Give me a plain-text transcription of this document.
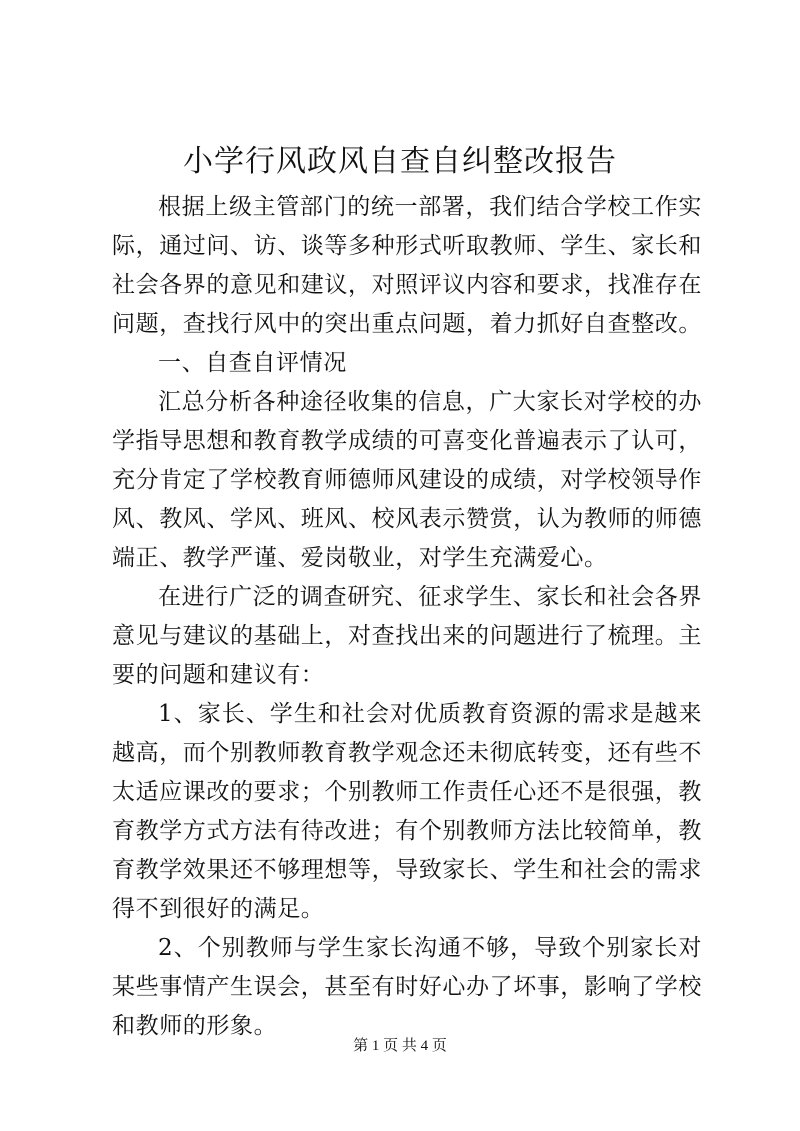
小学行风政风自查自纠整改报告

根据上级主管部门的统一部署，我们结合学校工作实际，通过问、访、谈等多种形式听取教师、学生、家长和社会各界的意见和建议，对照评议内容和要求，找准存在问题，查找行风中的突出重点问题，着力抓好自查整改。

一、自查自评情况

汇总分析各种途径收集的信息，广大家长对学校的办学指导思想和教育教学成绩的可喜变化普遍表示了认可，充分肯定了学校教育师德师风建设的成绩，对学校领导作风、教风、学风、班风、校风表示赞赏，认为教师的师德端正、教学严谨、爱岗敬业，对学生充满爱心。

在进行广泛的调查研究、征求学生、家长和社会各界意见与建议的基础上，对查找出来的问题进行了梳理。主要的问题和建议有：

1、家长、学生和社会对优质教育资源的需求是越来越高，而个别教师教育教学观念还未彻底转变，还有些不太适应课改的要求；个别教师工作责任心还不是很强，教育教学方式方法有待改进；有个别教师方法比较简单，教育教学效果还不够理想等，导致家长、学生和社会的需求得不到很好的满足。

2、个别教师与学生家长沟通不够，导致个别家长对某些事情产生误会，甚至有时好心办了坏事，影响了学校和教师的形象。

第 1 页 共 4 页
